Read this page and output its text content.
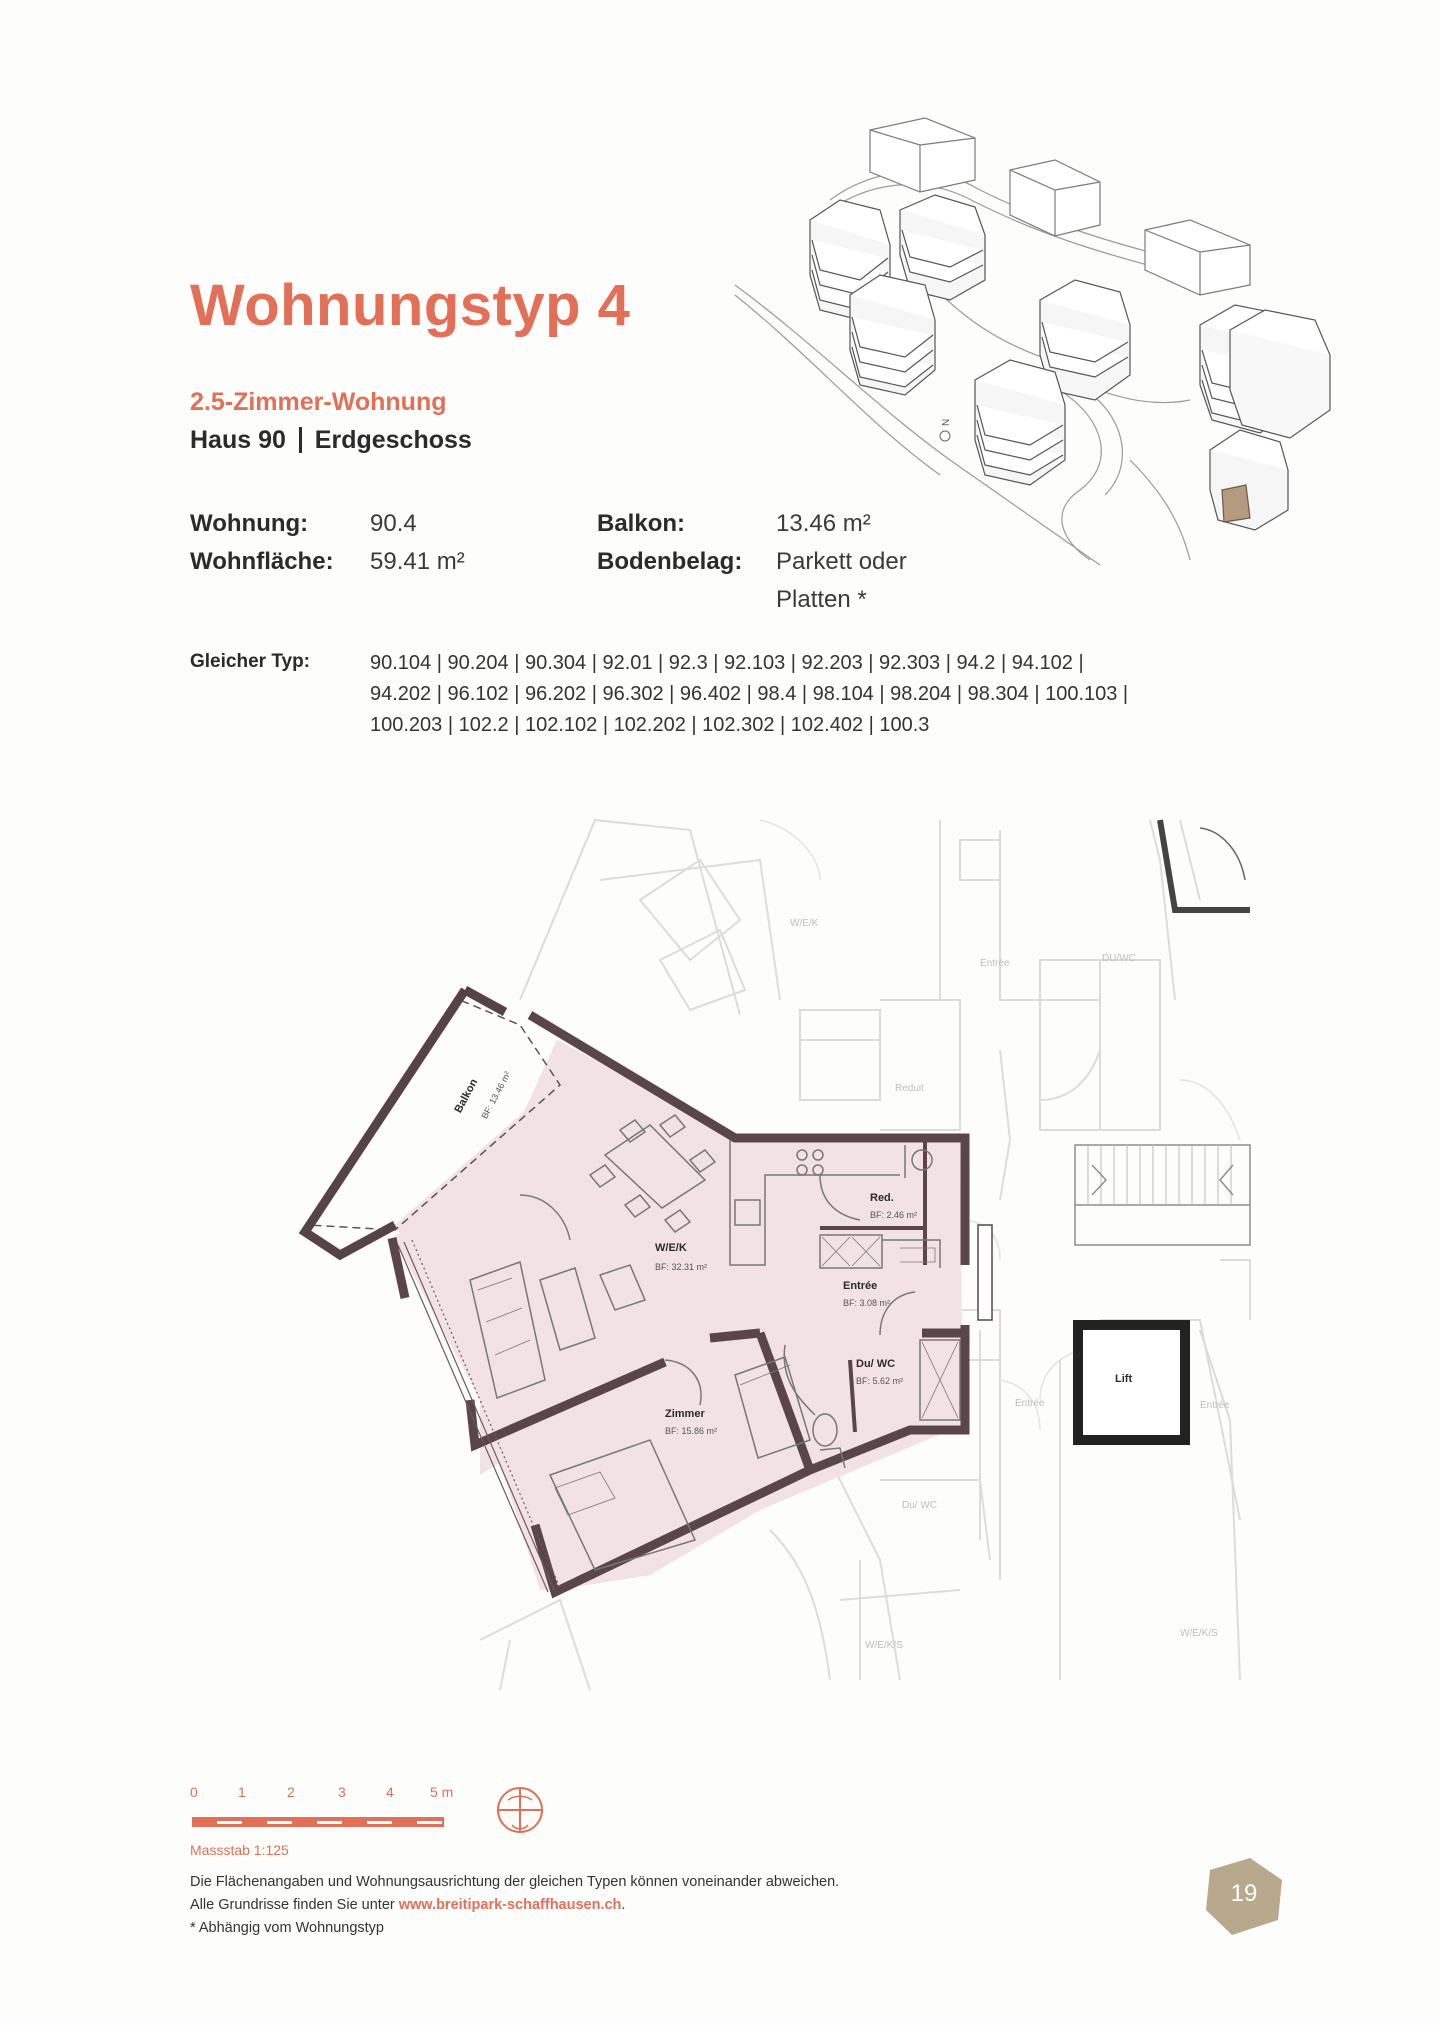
Wohnungstyp 4
2.5-Zimmer-Wohnung
Haus 90 Erdgeschoss
Wohnung:	90.4
Wohnfläche: 59.41 m²
Balkon:	13.46 m²
Bodenbelag: Parkett oder
Platten *
Gleicher Typ:	90.104 | 90.204 | 90.304 | 92.01 | 92.3 | 92.103 | 92.203 | 92.303 | 94.2 | 94.102 |
94.202 | 96.102 | 96.202 | 96.302 | 96.402 | 98.4 | 98.104 | 98.204 | 98.304 | 100.103 |
100.203 | 102.2 | 102.102 | 102.202 | 102.302 | 102.402 | 100.3
N
Balkon BF: 13.46 m²
W/E/K
BF: 32.31 m²
Red.
BF: 2.46 m²
Entrée
BF: 3.08 m²
Du/ WC
BF: 5.62 m²
Zimmer
BF: 15.86 m²
Lift
W/E/K
Entrée	DU/WC
Reduit
Entrée	Entrée
Du/ WC
W/E/K/S
W/E/K/S
0	1	2	3	4	5 m
Massstab 1:125
Die Flächenangaben und Wohnungsausrichtung der gleichen Typen können voneinander abweichen.
Alle Grundrisse finden Sie unter www.breitipark-schaffhausen.ch.
* Abhängig vom Wohnungstyp
19
